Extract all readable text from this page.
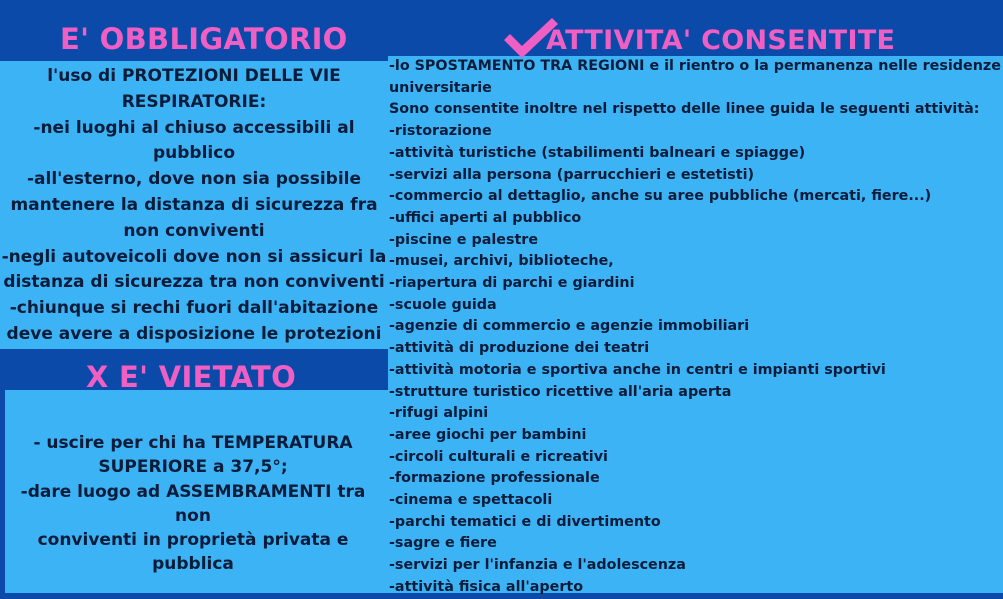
E' OBBLIGATORIO
X E' VIETATO
ATTIVITA' CONSENTITE
l'uso di PROTEZIONI DELLE VIE
RESPIRATORIE:
-nei luoghi al chiuso accessibili al
pubblico
-all'esterno, dove non sia possibile
mantenere la distanza di sicurezza fra
non conviventi
-negli autoveicoli dove non si assicuri la
distanza di sicurezza tra non conviventi
-chiunque si rechi fuori dall'abitazione
deve avere a disposizione le protezioni
- uscire per chi ha TEMPERATURA
SUPERIORE a 37,5°;
-dare luogo ad ASSEMBRAMENTI tra non
conviventi in proprietà privata e
pubblica
-lo SPOSTAMENTO TRA REGIONI e il rientro o la permanenza nelle residenze universitarie
Sono consentite inoltre nel rispetto delle linee guida le seguenti attività:
-ristorazione
-attività turistiche (stabilimenti balneari e spiagge)
-servizi alla persona (parrucchieri e estetisti)
-commercio al dettaglio, anche su aree pubbliche (mercati, fiere...)
-uffici aperti al pubblico
-piscine e palestre
-musei, archivi, biblioteche,
-riapertura di parchi e giardini
-scuole guida
-agenzie di commercio e agenzie immobiliari
-attività di produzione dei teatri
-attività motoria e sportiva anche in centri e impianti sportivi
-strutture turistico ricettive all'aria aperta
-rifugi alpini
-aree giochi per bambini
-circoli culturali e ricreativi
-formazione professionale
-cinema e spettacoli
-parchi tematici e di divertimento
-sagre e fiere
-servizi per l'infanzia e l'adolescenza
-attività fisica all'aperto
